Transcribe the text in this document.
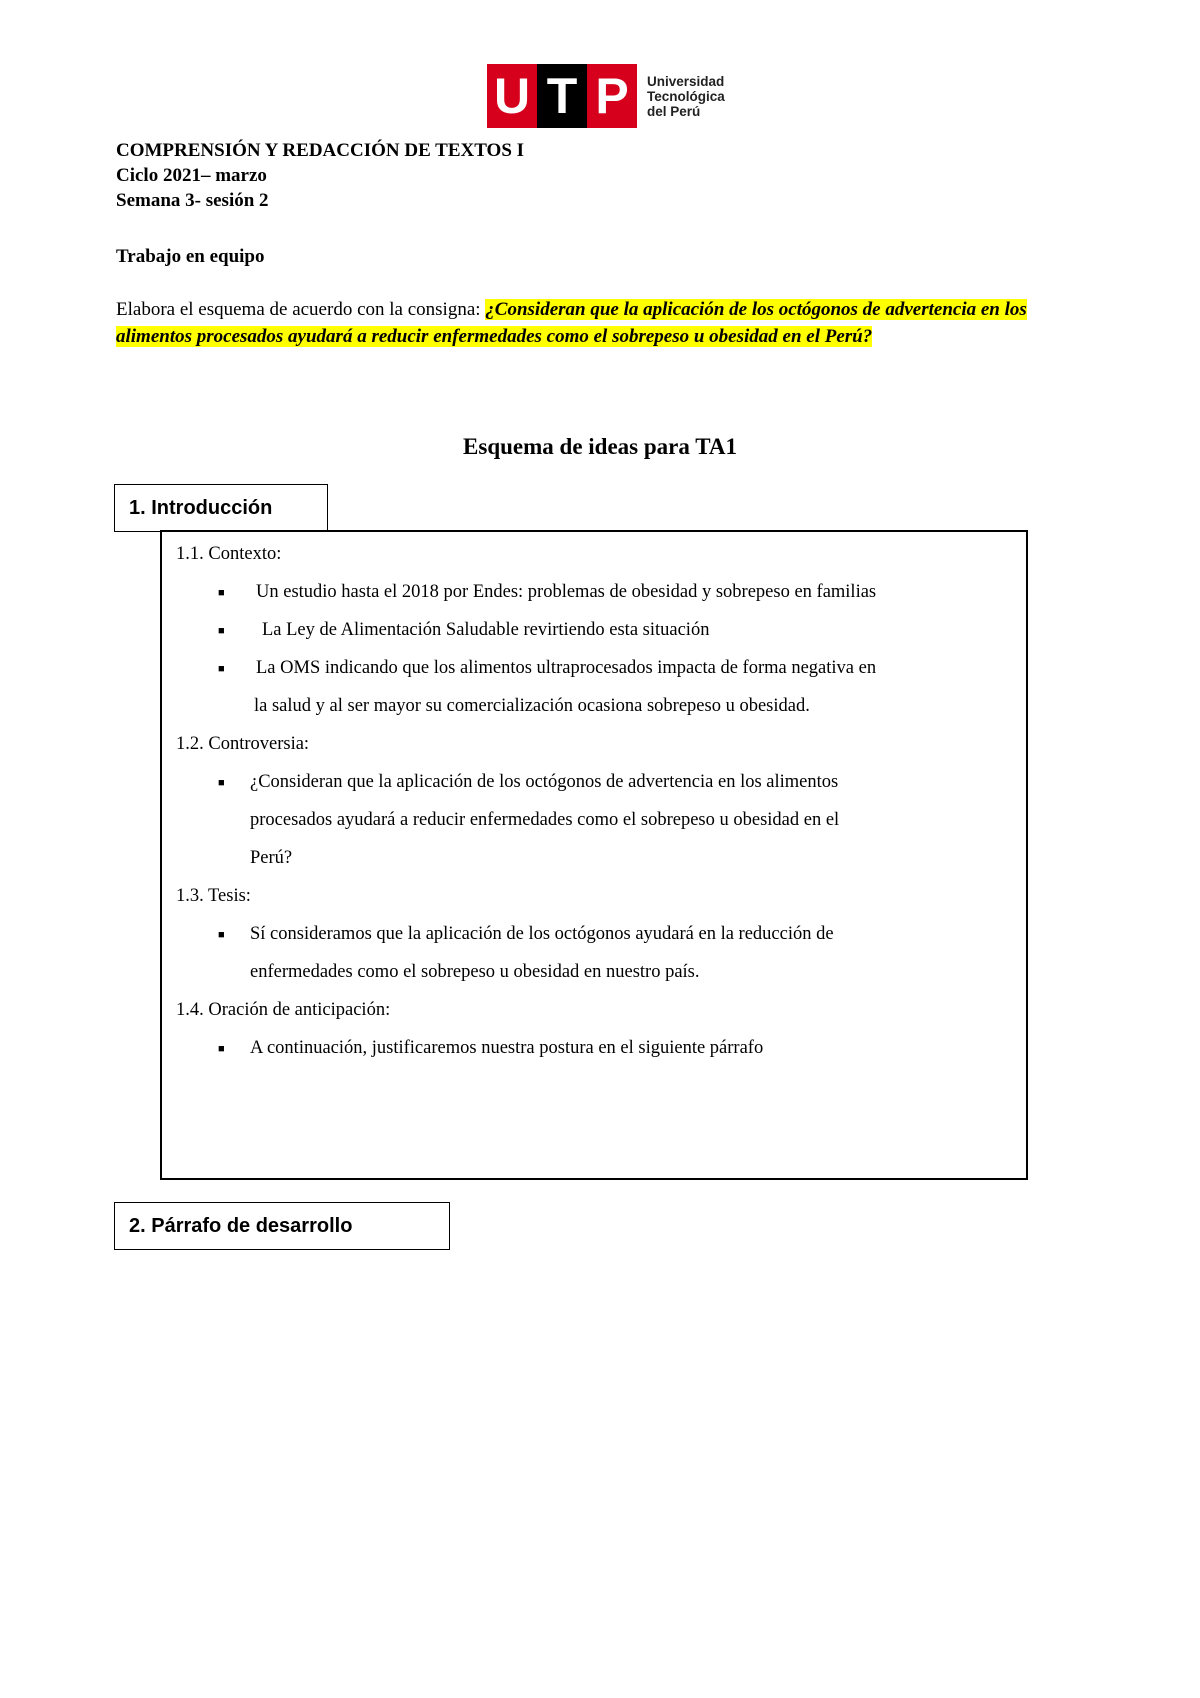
U T P	Universidad
Tecnológica
del Perú
COMPRENSIÓN Y REDACCIÓN DE TEXTOS I
Ciclo 2021– marzo
Semana 3- sesión 2
Trabajo en equipo
Elabora el esquema de acuerdo con la consigna: ¿Consideran que la aplicación de los octógonos de advertencia en los alimentos procesados ayudará a reducir enfermedades como el sobrepeso u obesidad en el Perú?
Esquema de ideas para TA1
1. Introducción
1.1. Contexto:
■ Un estudio hasta el 2018 por Endes: problemas de obesidad y sobrepeso en familias
■ La Ley de Alimentación Saludable revirtiendo esta situación
■ La OMS indicando que los alimentos ultraprocesados impacta de forma negativa en
la salud y al ser mayor su comercialización ocasiona sobrepeso u obesidad.
1.2. Controversia:
■ ¿Consideran que la aplicación de los octógonos de advertencia en los alimentos
procesados ayudará a reducir enfermedades como el sobrepeso u obesidad en el
Perú?
1.3. Tesis:
■ Sí consideramos que la aplicación de los octógonos ayudará en la reducción de
enfermedades como el sobrepeso u obesidad en nuestro país.
1.4. Oración de anticipación:
■ A continuación, justificaremos nuestra postura en el siguiente párrafo
2. Párrafo de desarrollo
